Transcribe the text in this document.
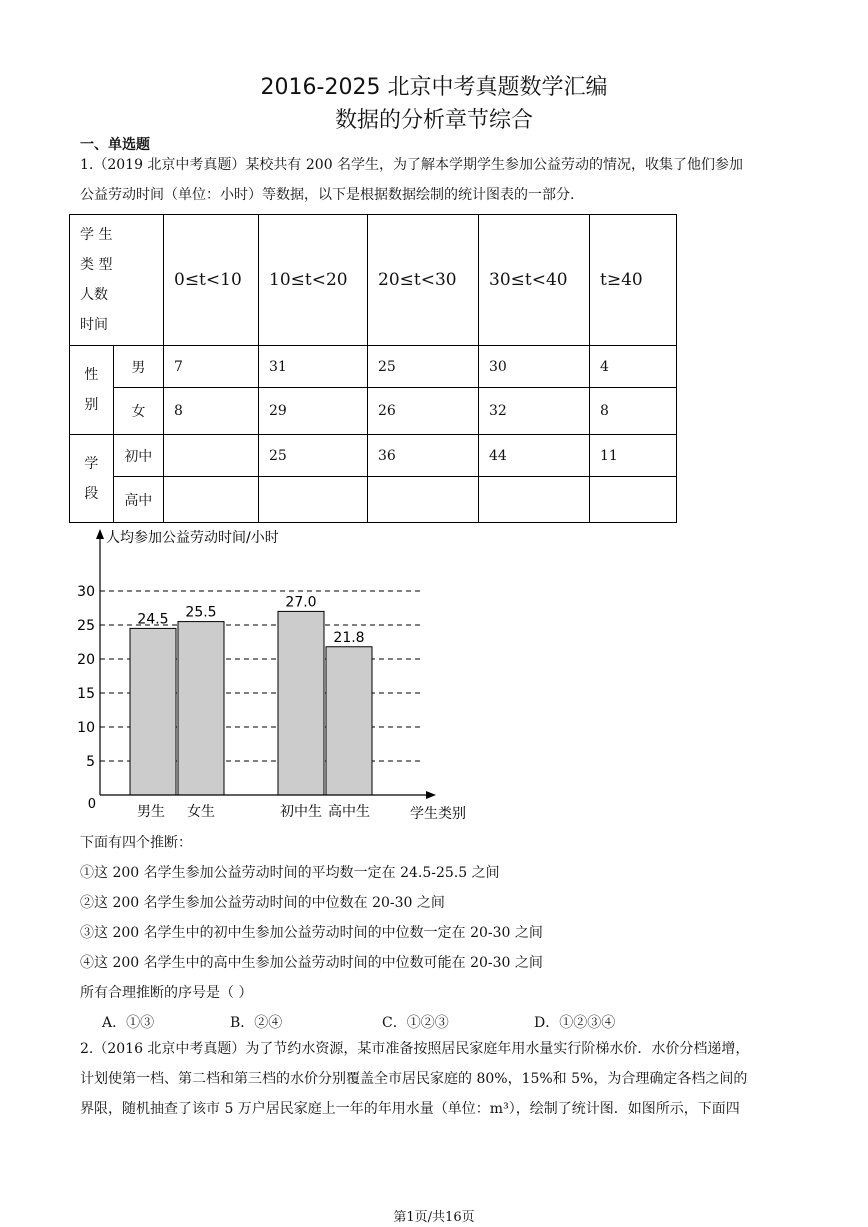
2016-2025 北京中考真题数学汇编
数据的分析章节综合
一、单选题
1.（2019 北京中考真题）某校共有 200 名学生，为了解本学期学生参加公益劳动的情况，收集了他们参加
公益劳动时间（单位：小时）等数据，以下是根据数据绘制的统计图表的一部分.
学 生
类 型
人数
时间		0≤t<10	10≤t<20	20≤t<30	30≤t<40	t≥40

性
别	男	7	31	25	30	4
	女	8	29	26	32	8

学
段	初中		25	36	44	11
	高中					
5
10
15
20
25
30
24.5
男生
25.5
女生
27.0
初中生
21.8
高中生
人均参加公益劳动时间/小时
学生类别
0
下面有四个推断：
①这 200 名学生参加公益劳动时间的平均数一定在 24.5-25.5 之间
②这 200 名学生参加公益劳动时间的中位数在 20-30 之间
③这 200 名学生中的初中生参加公益劳动时间的中位数一定在 20-30 之间
④这 200 名学生中的高中生参加公益劳动时间的中位数可能在 20-30 之间
所有合理推断的序号是（ ）
A．①③	B．②④	C．①②③	D．①②③④
2.（2016 北京中考真题）为了节约水资源，某市准备按照居民家庭年用水量实行阶梯水价．水价分档递增，
计划使第一档、第二档和第三档的水价分别覆盖全市居民家庭的 80%，15%和 5%，为合理确定各档之间的
界限，随机抽查了该市 5 万户居民家庭上一年的年用水量（单位：m³），绘制了统计图．如图所示，下面四
第1页/共16页
